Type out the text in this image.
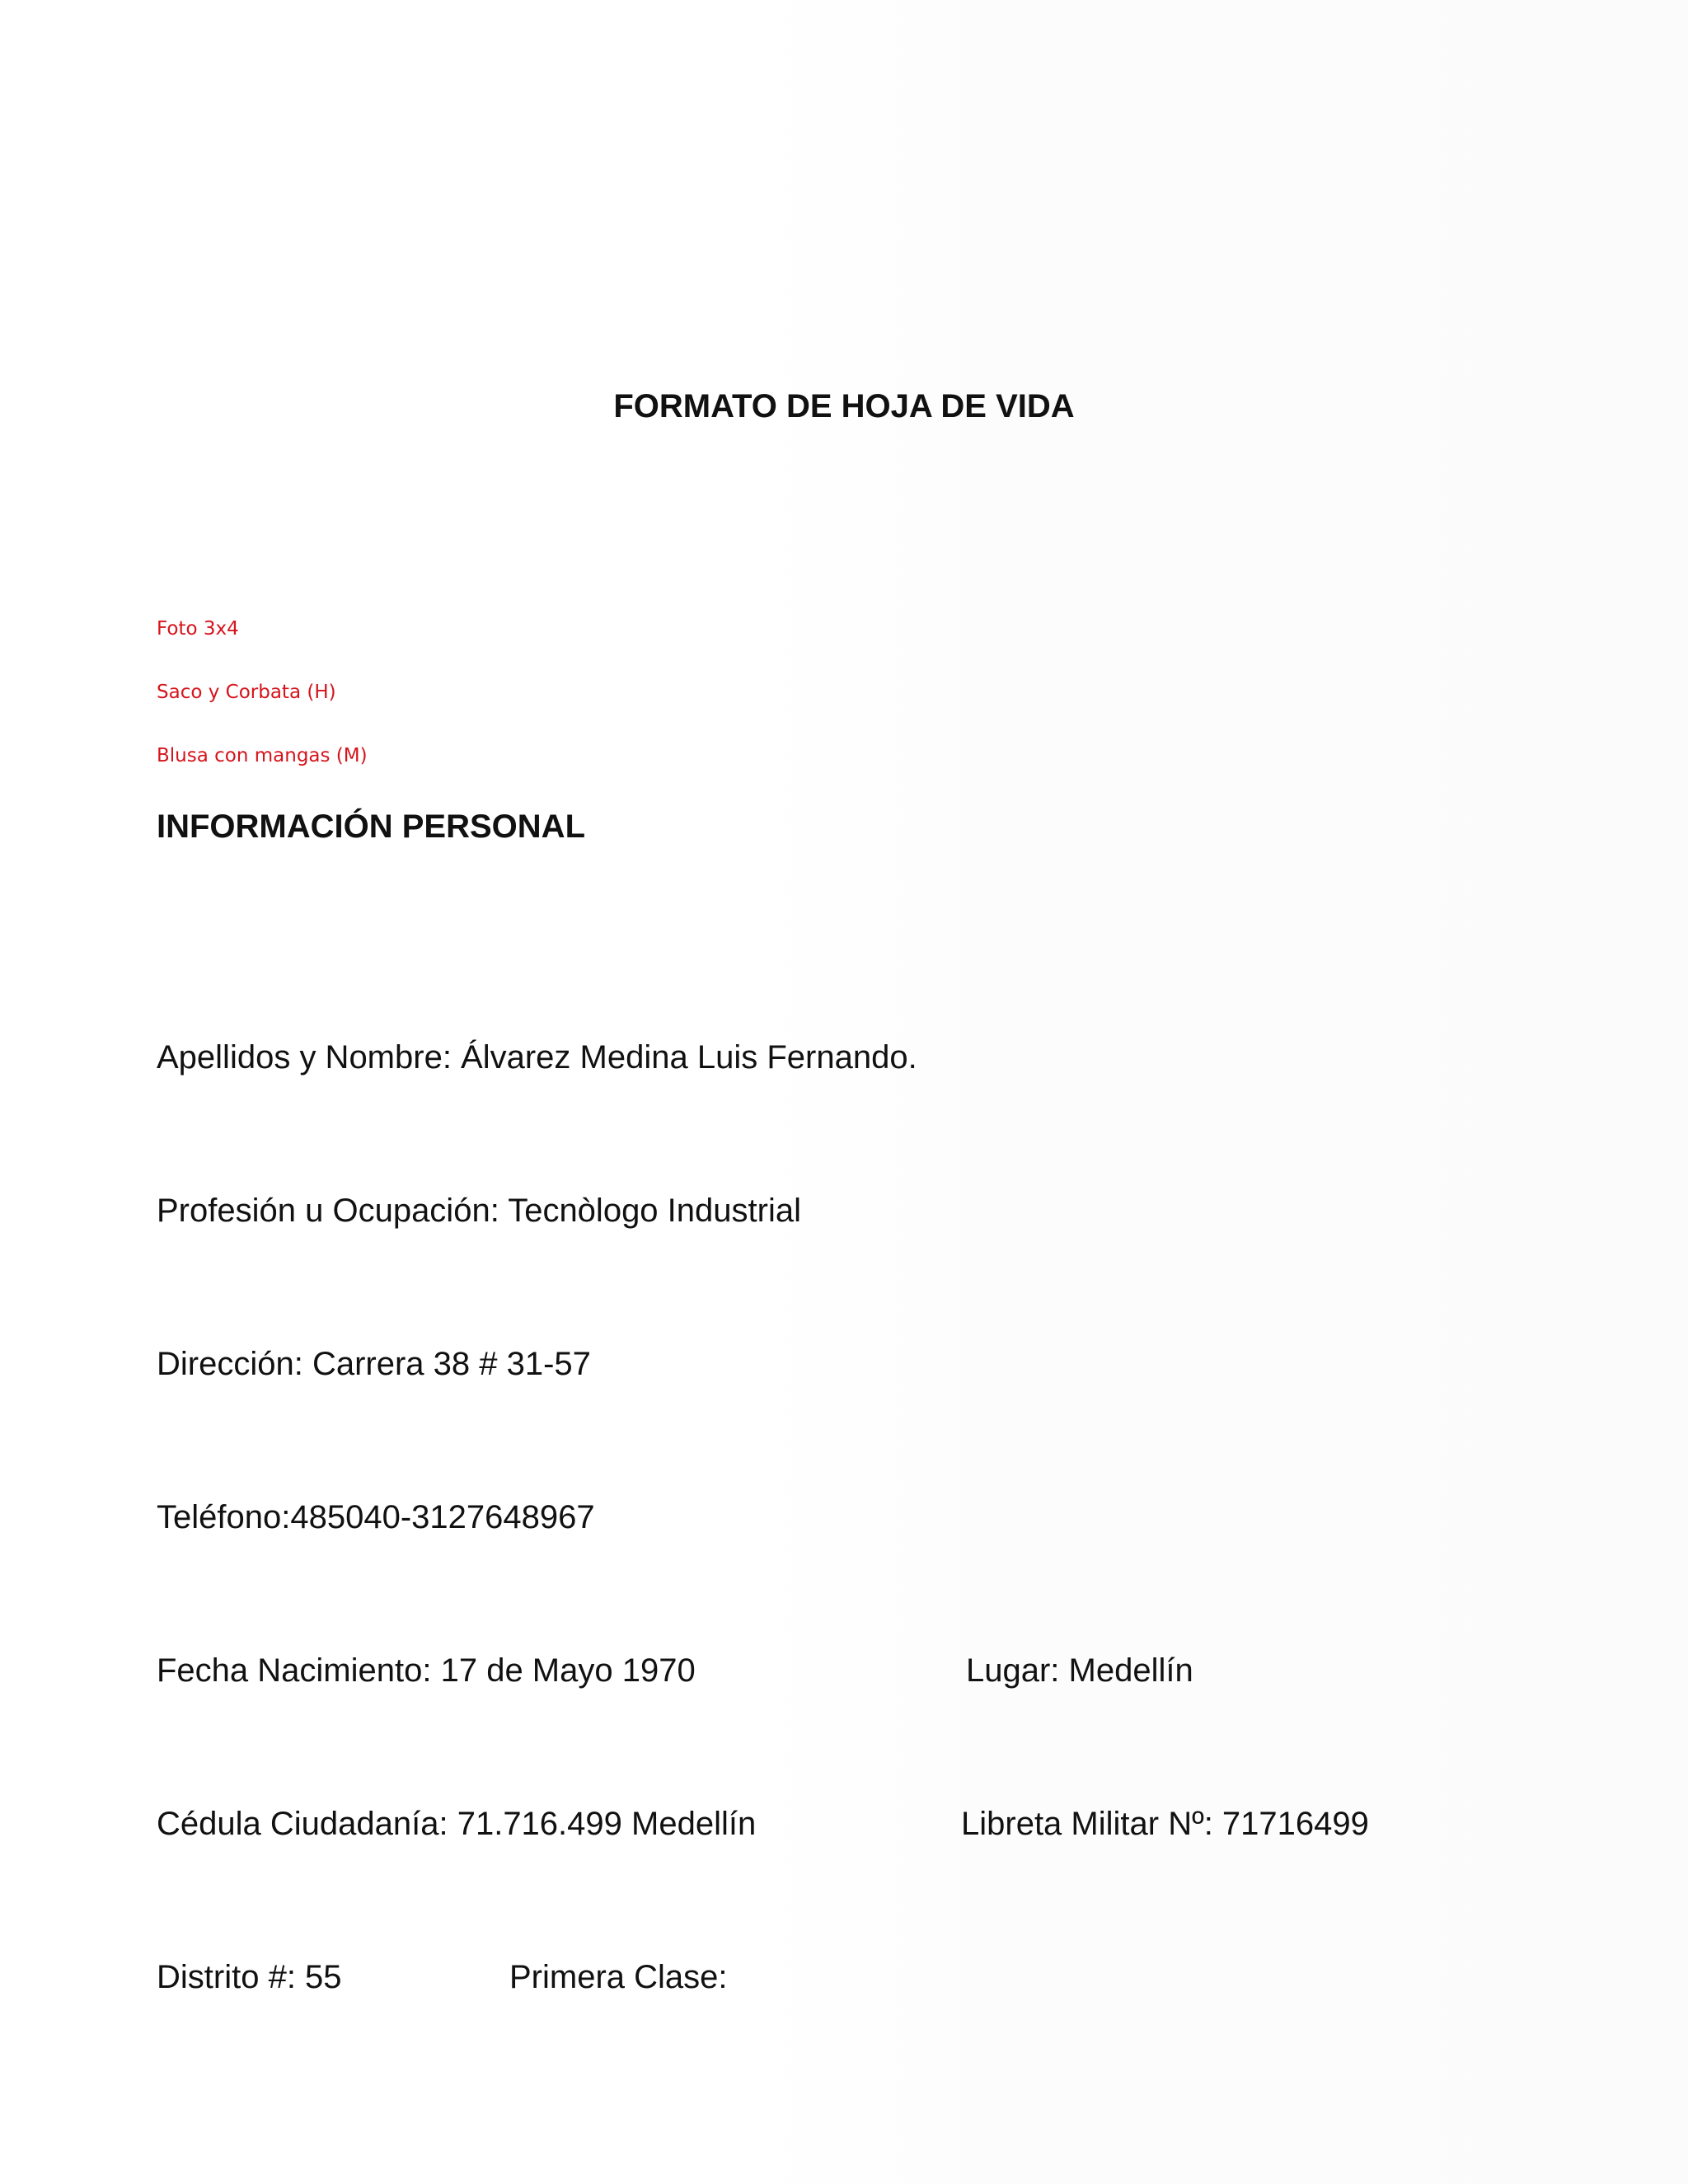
FORMATO DE HOJA DE VIDA

Foto 3x4

Saco y Corbata (H)

Blusa con mangas (M)

INFORMACIÓN PERSONAL

Apellidos y Nombre: Álvarez Medina Luis Fernando.

Profesión u Ocupación: Tecnòlogo Industrial

Dirección: Carrera 38 # 31-57

Teléfono:485040-3127648967

Fecha Nacimiento: 17 de Mayo 1970	Lugar: Medellín

Cédula Ciudadanía: 71.716.499 Medellín	Libreta Militar Nº: 71716499

Distrito #: 55	Primera Clase:
